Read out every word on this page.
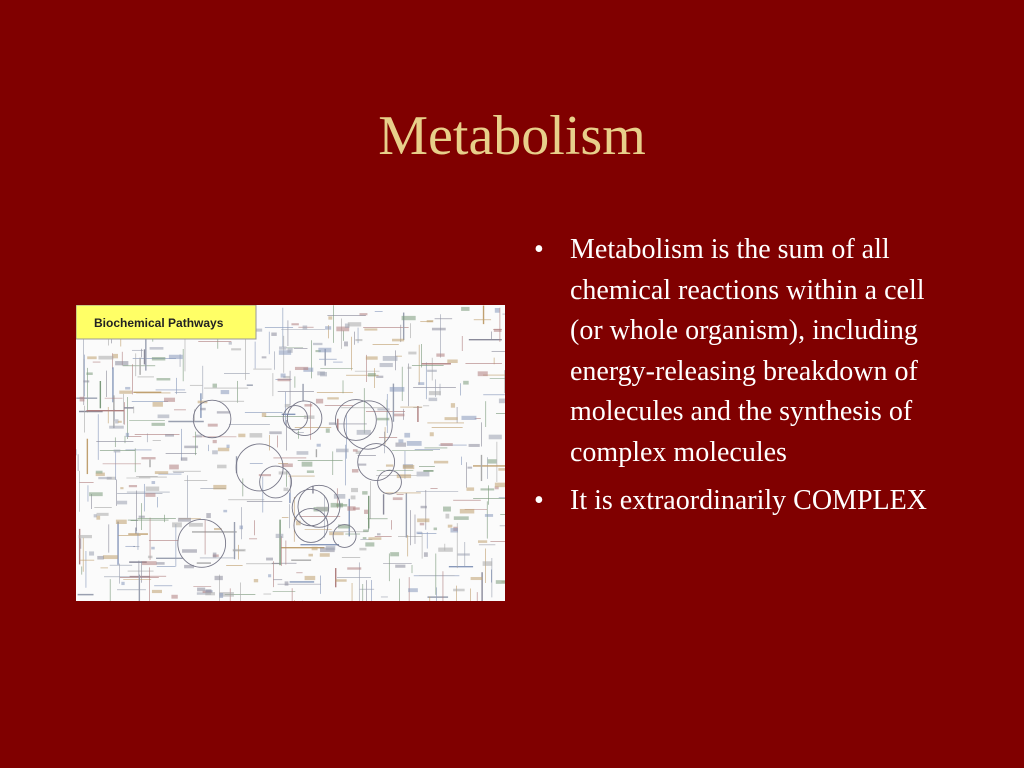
Metabolism
Biochemical Pathways
• Metabolism is the sum of all chemical reactions within a cell (or whole organism), including energy-releasing breakdown of molecules and the synthesis of complex molecules
• It is extraordinarily COMPLEX
